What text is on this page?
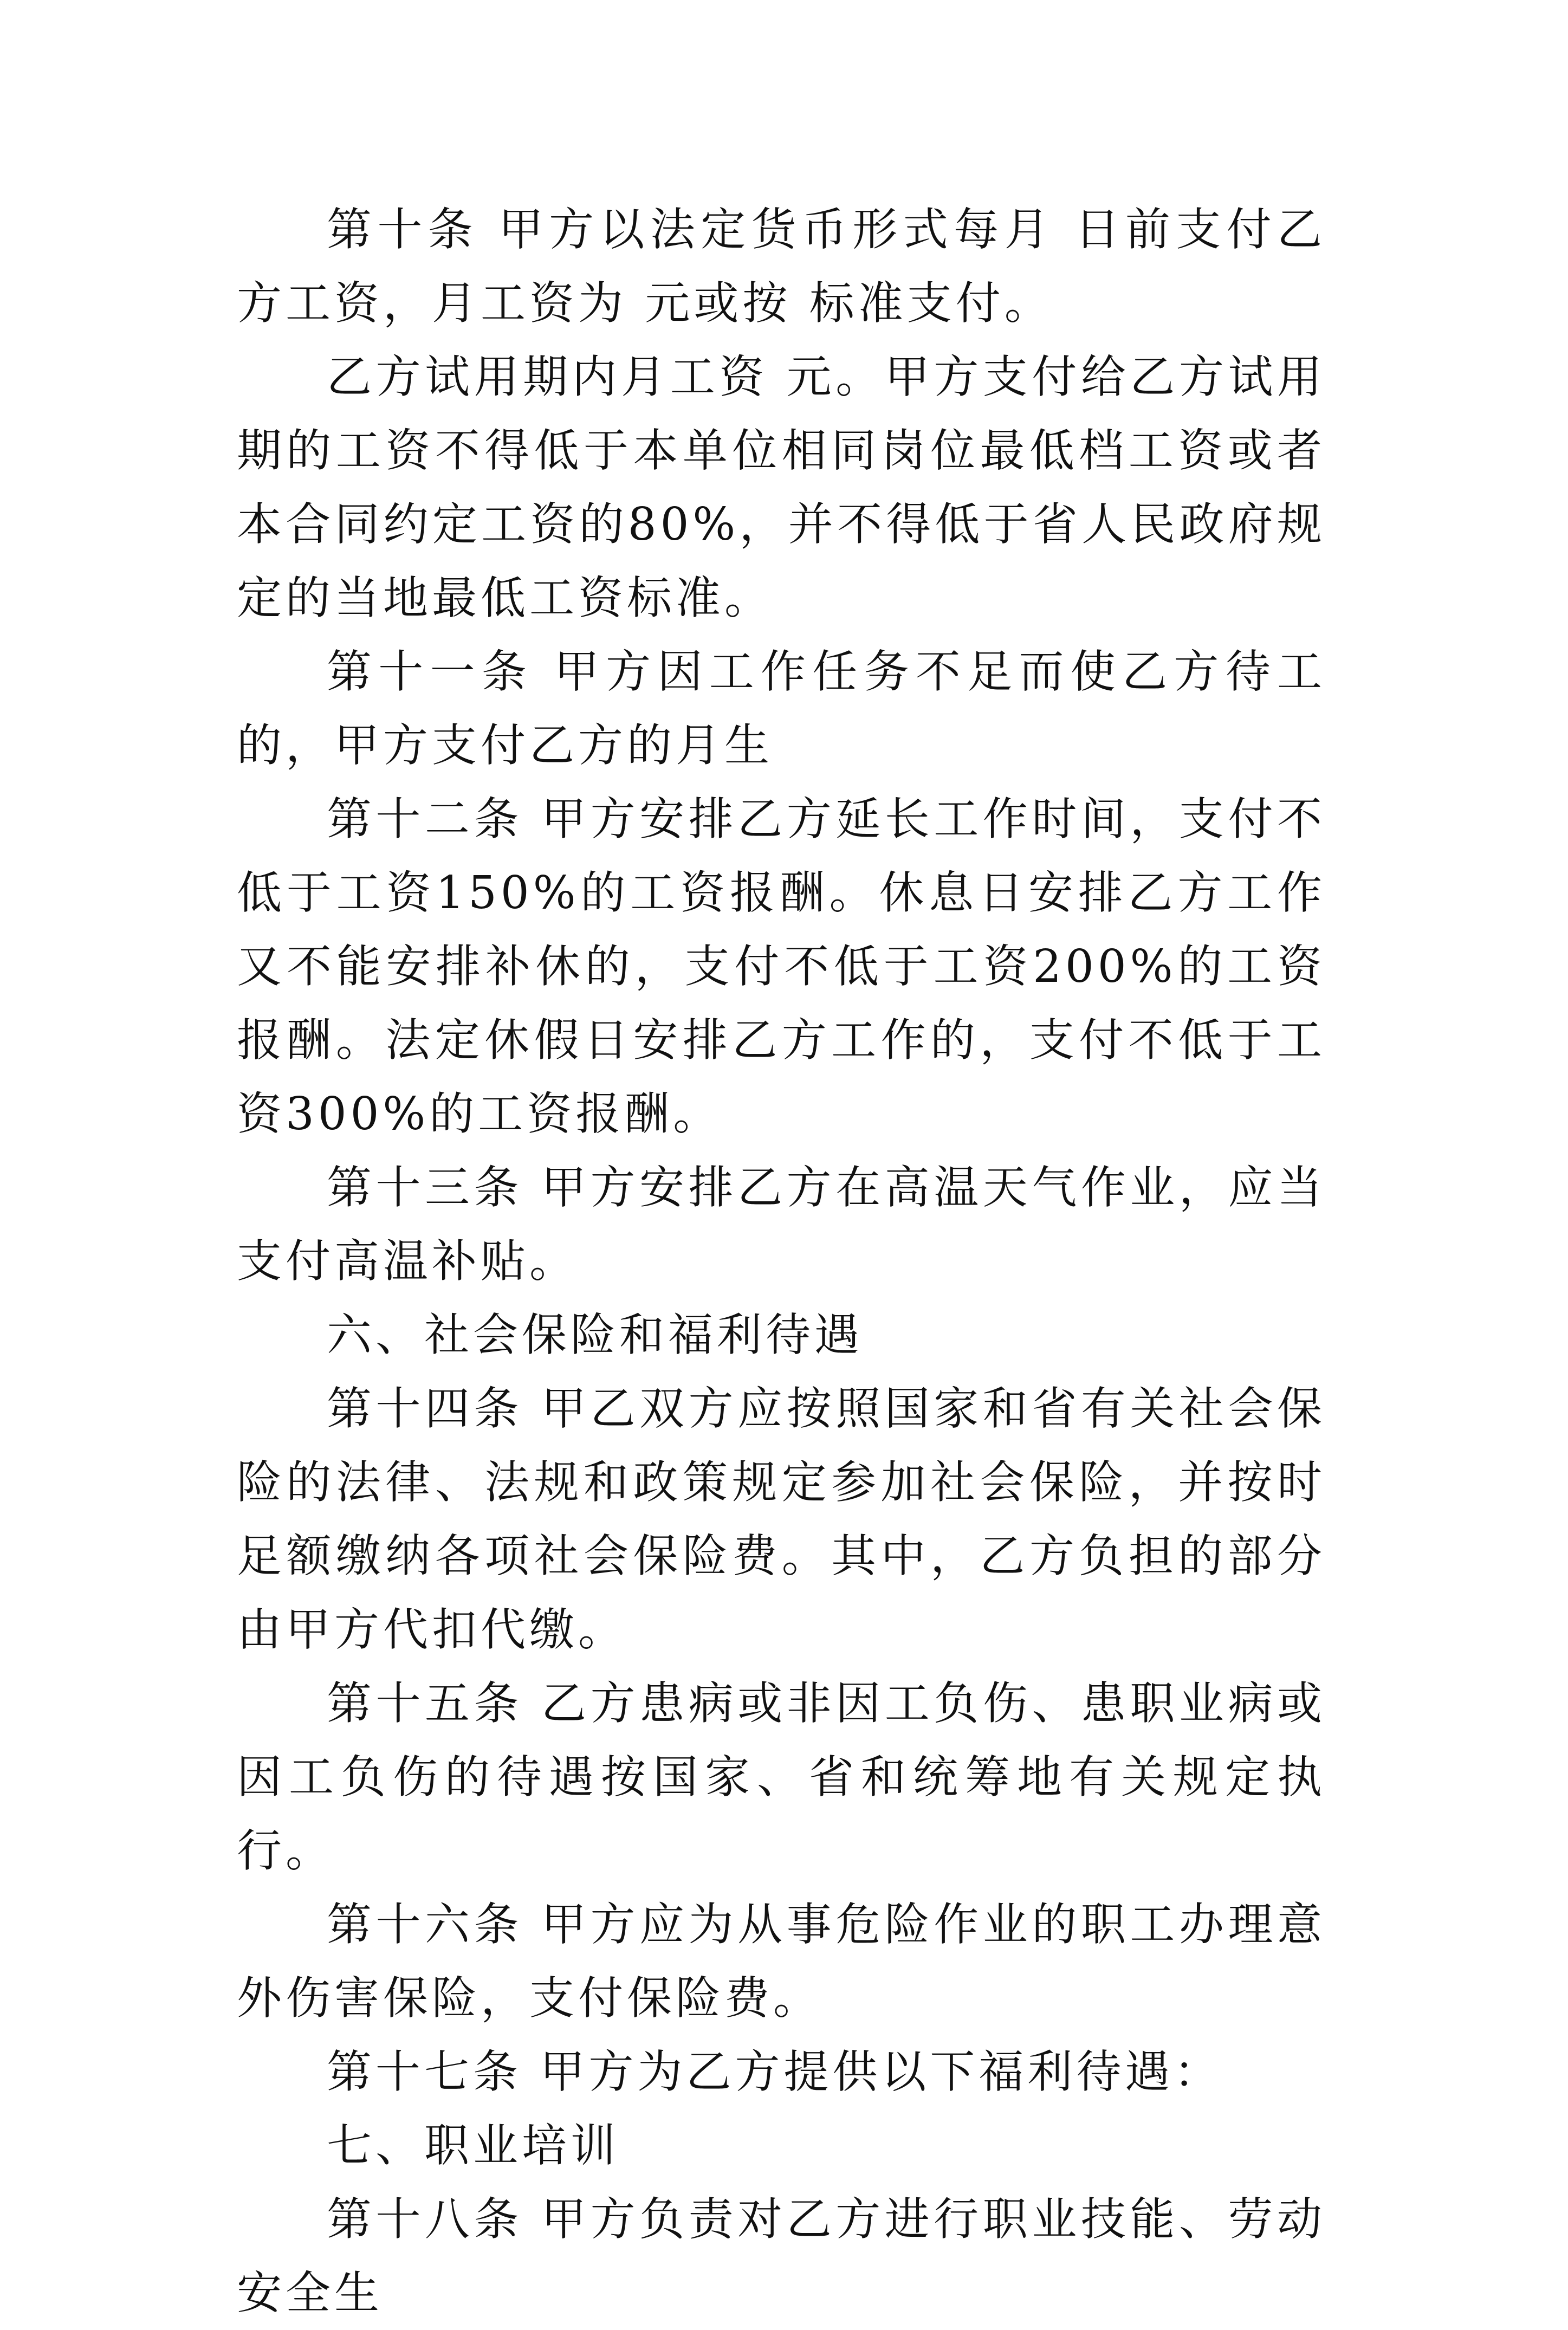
第十条 甲方以法定货币形式每月 日前支付乙方工资，月工资为 元或按 标准支付。

乙方试用期内月工资 元。甲方支付给乙方试用期的工资不得低于本单位相同岗位最低档工资或者本合同约定工资的80%，并不得低于省人民政府规定的当地最低工资标准。

第十一条 甲方因工作任务不足而使乙方待工的，甲方支付乙方的月生

第十二条 甲方安排乙方延长工作时间，支付不低于工资150%的工资报酬。休息日安排乙方工作又不能安排补休的，支付不低于工资200%的工资报酬。法定休假日安排乙方工作的，支付不低于工资300%的工资报酬。

第十三条 甲方安排乙方在高温天气作业，应当支付高温补贴。

六、社会保险和福利待遇

第十四条 甲乙双方应按照国家和省有关社会保险的法律、法规和政策规定参加社会保险，并按时足额缴纳各项社会保险费。其中，乙方负担的部分由甲方代扣代缴。

第十五条 乙方患病或非因工负伤、患职业病或因工负伤的待遇按国家、省和统筹地有关规定执行。

第十六条 甲方应为从事危险作业的职工办理意外伤害保险，支付保险费。

第十七条 甲方为乙方提供以下福利待遇：

七、职业培训

第十八条 甲方负责对乙方进行职业技能、劳动安全生
